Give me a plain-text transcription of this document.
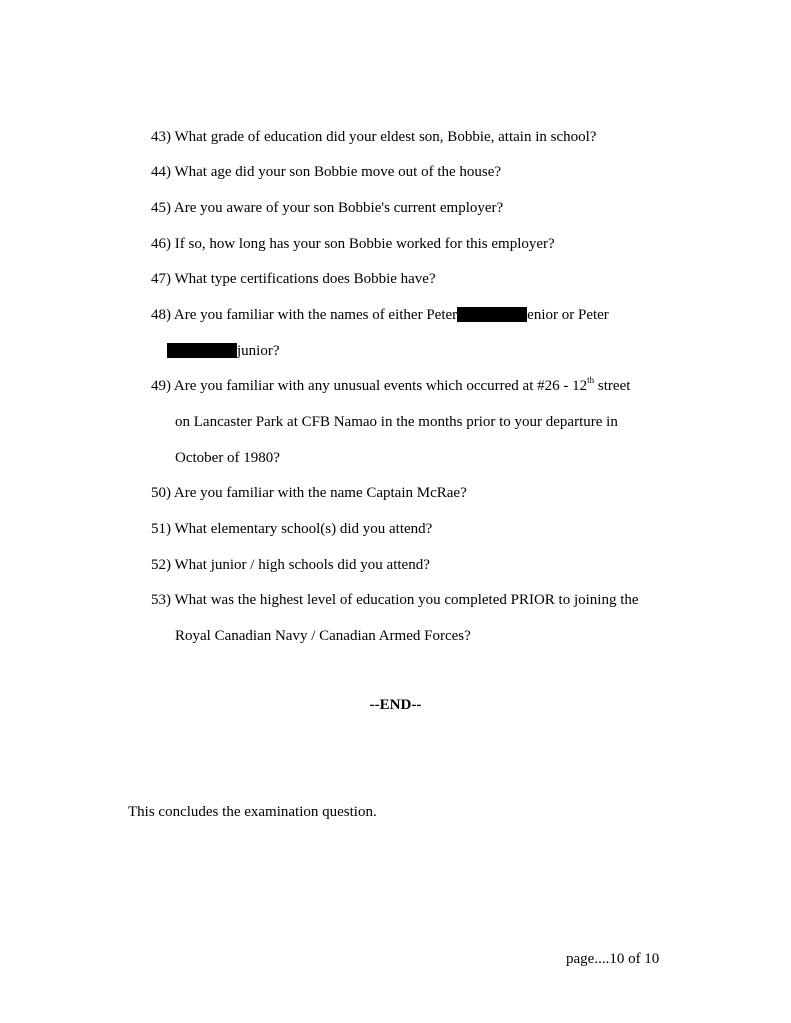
43) What grade of education did your eldest son, Bobbie, attain in school?
44) What age did your son Bobbie move out of the house?
45) Are you aware of your son Bobbie's current employer?
46) If so, how long has your son Bobbie worked for this employer?
47) What type certifications does Bobbie have?
48) Are you familiar with the names of either Peter	enior or Peter
junior?
49) Are you familiar with any unusual events which occurred at #26 - 12th street
on Lancaster Park at CFB Namao in the months prior to your departure in
October of 1980?
50) Are you familiar with the name Captain McRae?
51) What elementary school(s) did you attend?
52) What junior / high schools did you attend?
53) What was the highest level of education you completed PRIOR to joining the
Royal Canadian Navy / Canadian Armed Forces?
--END--
This concludes the examination question.
page....10 of 10
